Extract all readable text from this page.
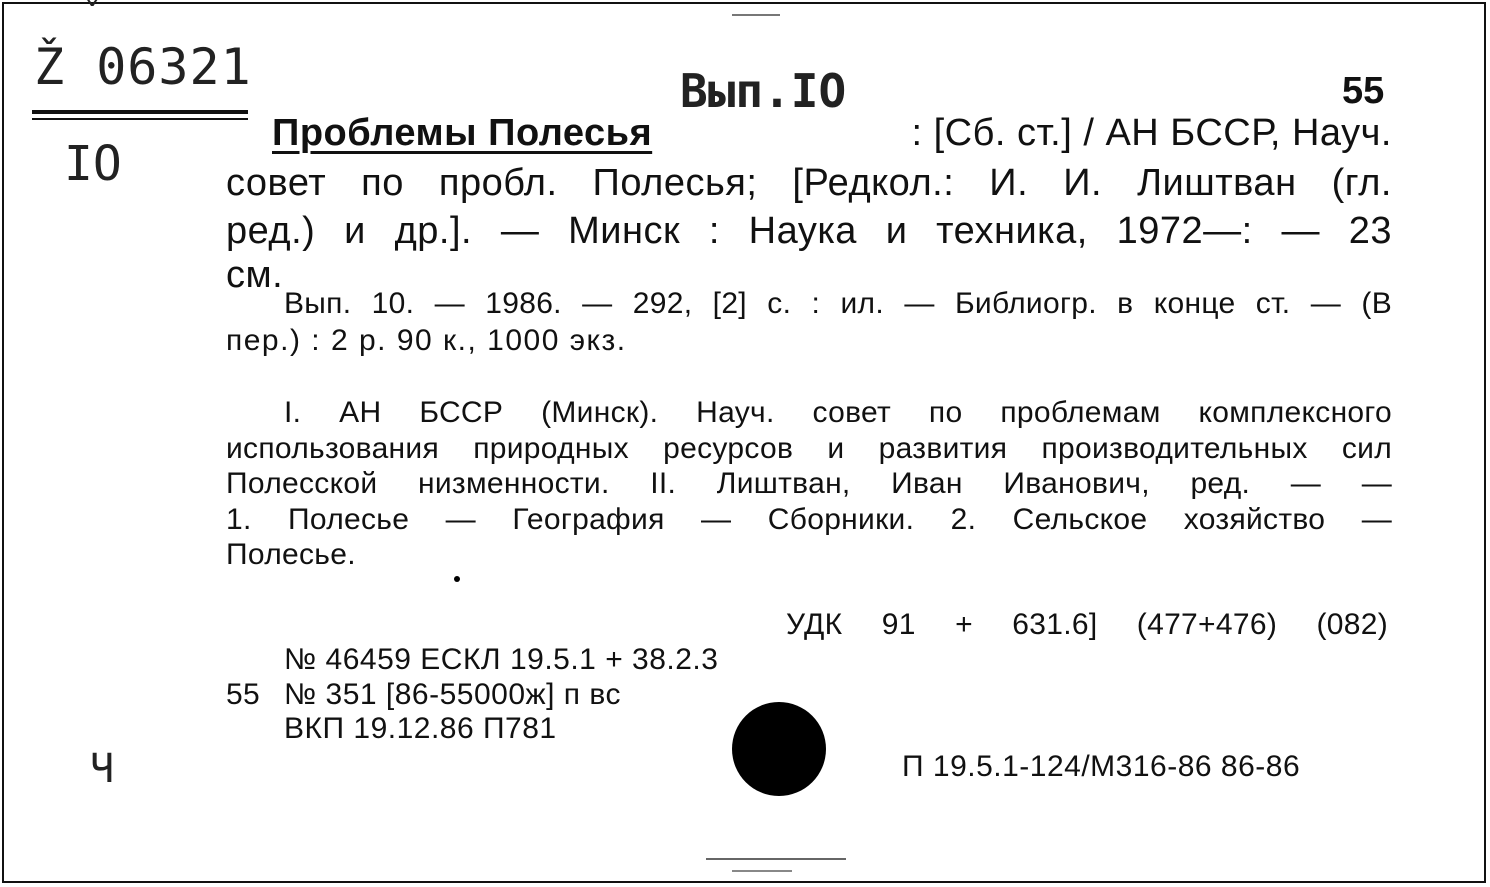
ˇ
Ž 06321
IO
Вып.IO	55
Проблемы Полесья	: [Сб. ст.] / АН БССР, Науч.
совет по пробл. Полесья; [Редкол.: И. И. Лиштван (гл.
ред.) и др.]. — Минск : Наука и техника, 1972—: — 23
см.
Вып. 10. — 1986. — 292, [2] с. : ил. — Библиогр. в конце ст. — (В
пер.) : 2 р. 90 к., 1000 экз.
I. АН БССР (Минск). Науч. совет по проблемам комплексного
использования природных ресурсов и развития производительных сил
Полесской низменности. II. Лиштван, Иван Иванович, ред. — —
1. Полесье — География — Сборники. 2. Сельское хозяйство —
Полесье.
УДК 91 + 631.6] (477+476) (082)
№ 46459 ЕСКЛ 19.5.1 + 38.2.3
55 № 351 [86-55000ж] п вс
ВКП 19.12.86 П781
П 19.5.1-124/М316-86 86-86
Ч
